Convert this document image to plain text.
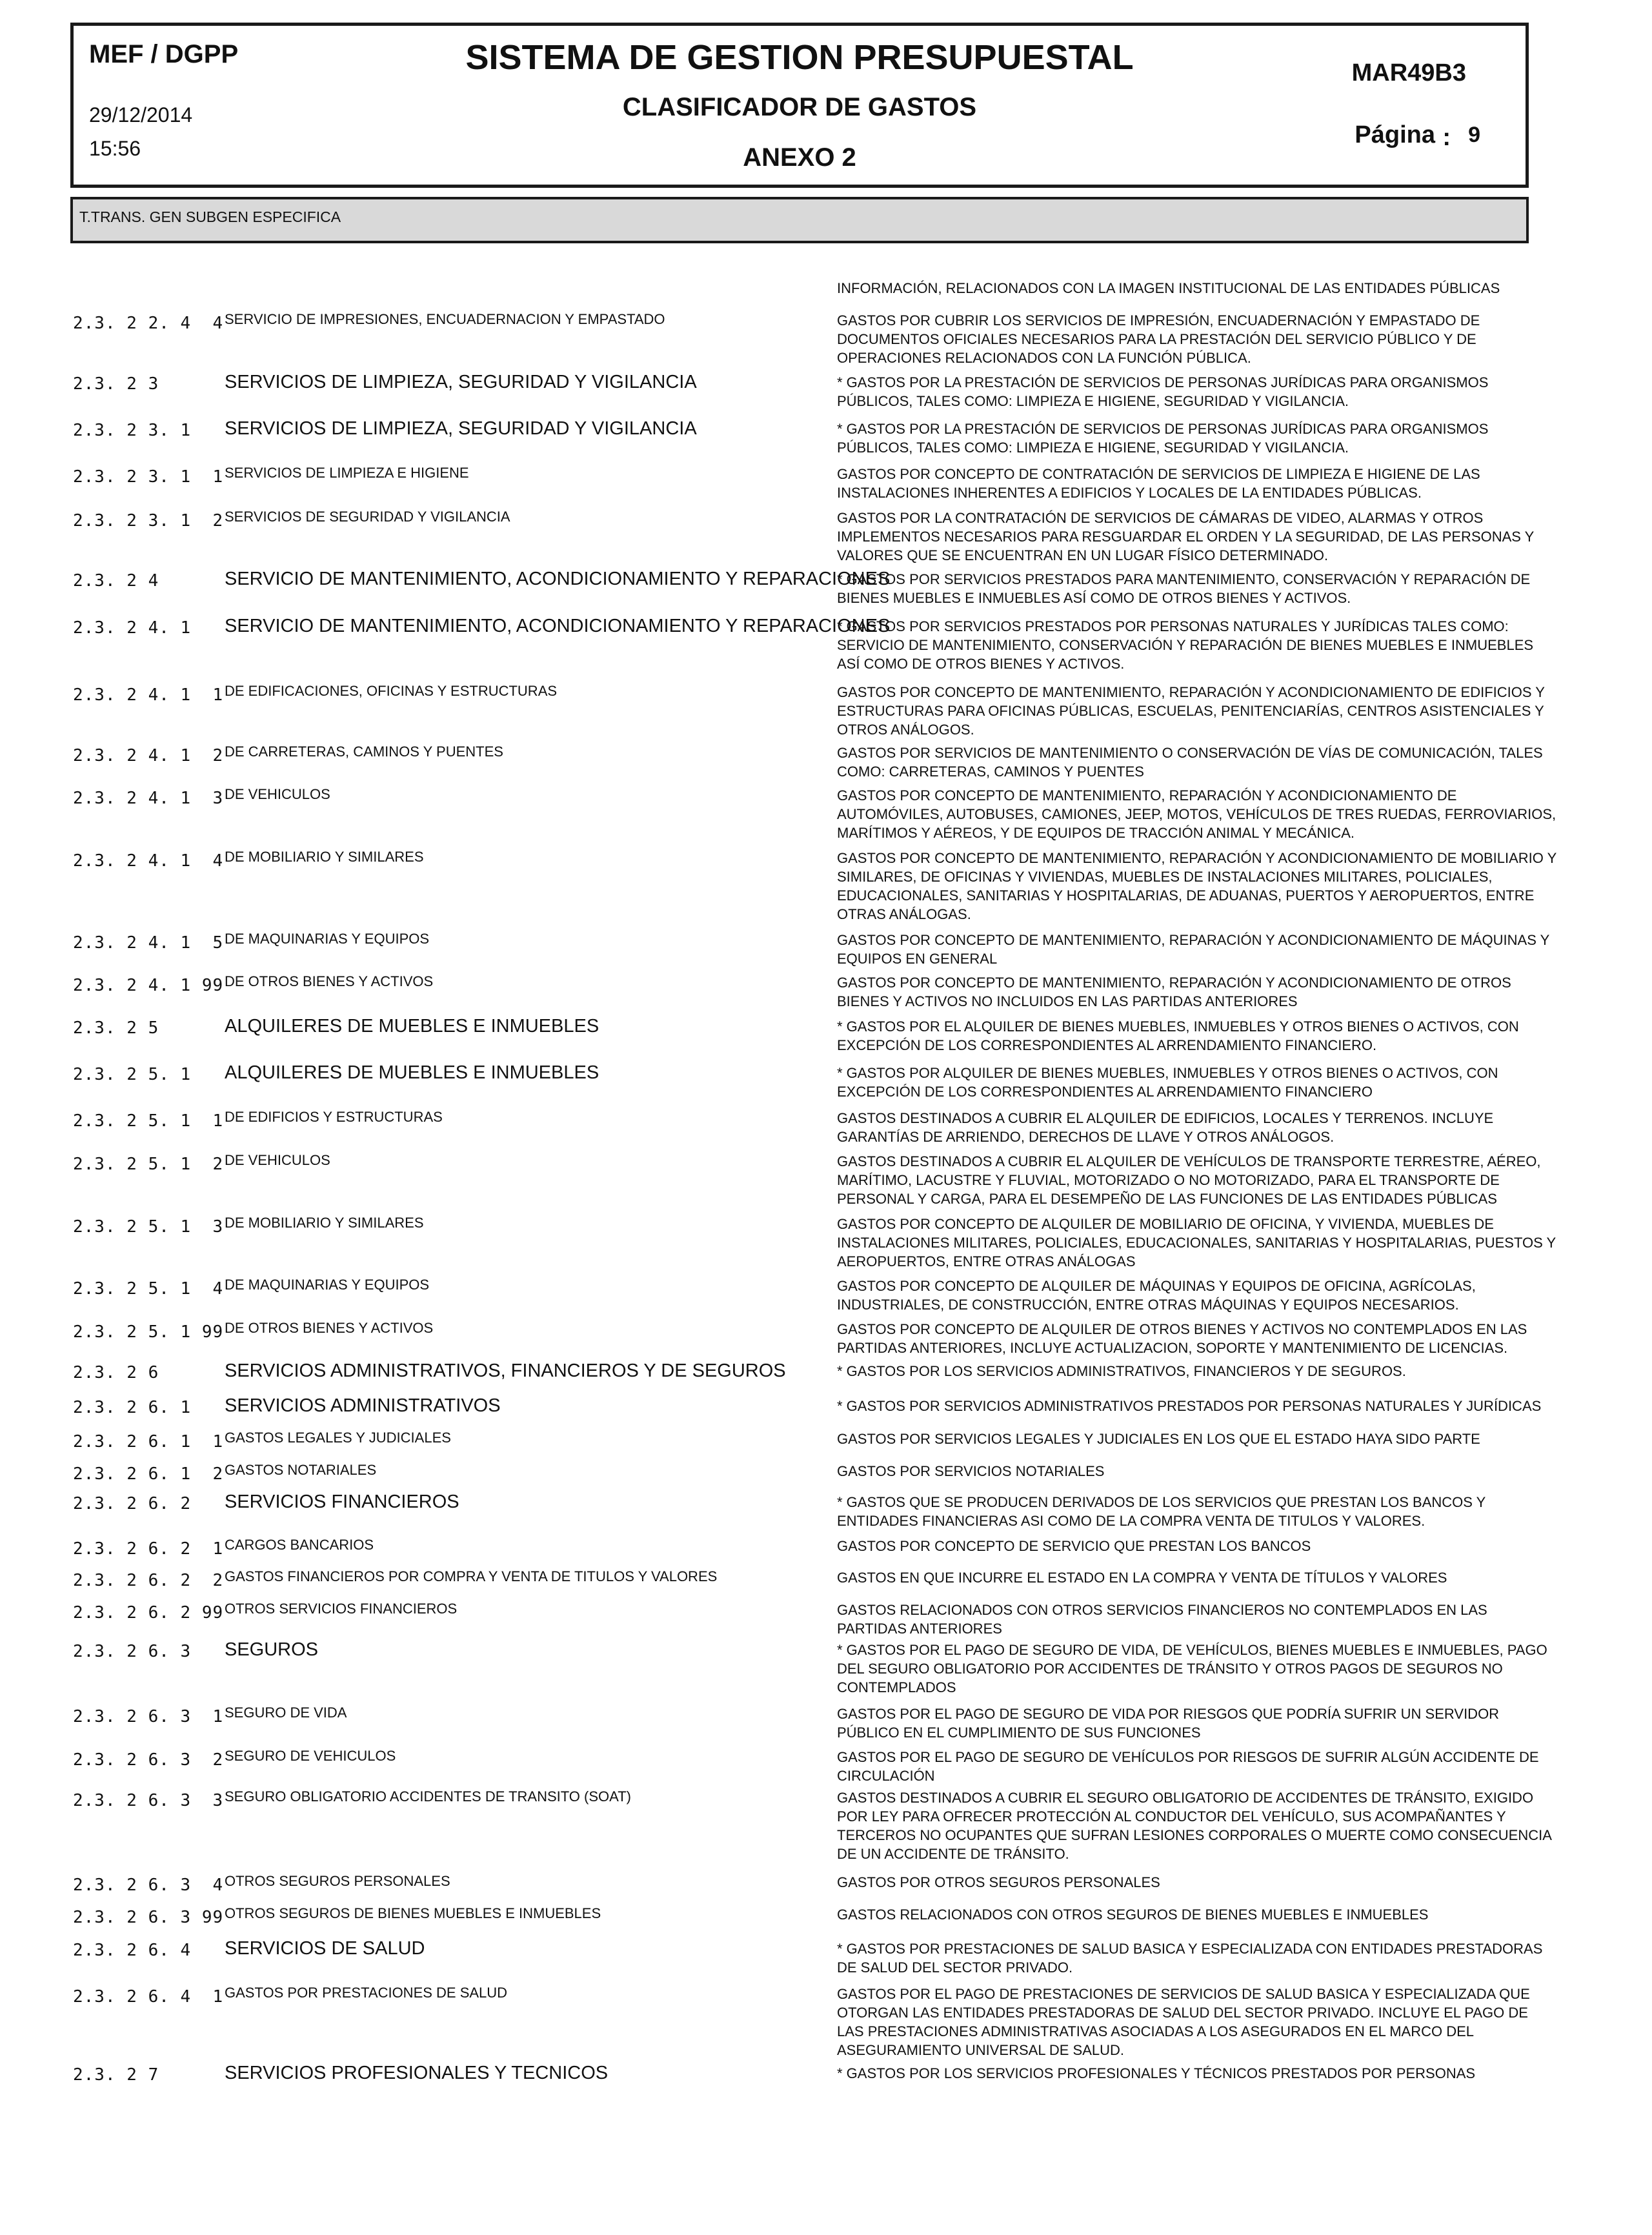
MEF / DGPP
29/12/2014
15:56
SISTEMA DE GESTION PRESUPUESTAL
CLASIFICADOR DE GASTOS
ANEXO 2
MAR49B3
Página : 9
T.TRANS. GEN SUBGEN ESPECIFICA
INFORMACIÓN, RELACIONADOS CON LA IMAGEN INSTITUCIONAL DE LAS ENTIDADES PÚBLICAS
2.3. 2 2. 4  4 SERVICIO DE IMPRESIONES, ENCUADERNACION Y EMPASTADO	GASTOS POR CUBRIR LOS SERVICIOS DE IMPRESIÓN, ENCUADERNACIÓN Y EMPASTADO DE
DOCUMENTOS OFICIALES NECESARIOS PARA LA PRESTACIÓN DEL SERVICIO PÚBLICO Y DE
OPERACIONES RELACIONADOS CON LA FUNCIÓN PÚBLICA.
2.3. 2 3	SERVICIOS DE LIMPIEZA, SEGURIDAD Y VIGILANCIA	* GASTOS POR LA PRESTACIÓN DE SERVICIOS DE PERSONAS JURÍDICAS PARA ORGANISMOS
PÚBLICOS, TALES COMO: LIMPIEZA E HIGIENE, SEGURIDAD Y VIGILANCIA.
2.3. 2 3. 1 SERVICIOS DE LIMPIEZA, SEGURIDAD Y VIGILANCIA	* GASTOS POR LA PRESTACIÓN DE SERVICIOS DE PERSONAS JURÍDICAS PARA ORGANISMOS
PÚBLICOS, TALES COMO: LIMPIEZA E HIGIENE, SEGURIDAD Y VIGILANCIA.
2.3. 2 3. 1  1 SERVICIOS DE LIMPIEZA E HIGIENE	GASTOS POR CONCEPTO DE CONTRATACIÓN DE SERVICIOS DE LIMPIEZA E HIGIENE DE LAS
INSTALACIONES INHERENTES A EDIFICIOS Y LOCALES DE LA ENTIDADES PÚBLICAS.
2.3. 2 3. 1  2 SERVICIOS DE SEGURIDAD Y VIGILANCIA	GASTOS POR LA CONTRATACIÓN DE SERVICIOS DE CÁMARAS DE VIDEO, ALARMAS Y OTROS
IMPLEMENTOS NECESARIOS PARA RESGUARDAR EL ORDEN Y LA SEGURIDAD, DE LAS PERSONAS Y
VALORES QUE SE ENCUENTRAN EN UN LUGAR FÍSICO DETERMINADO.
2.3. 2 4	SERVICIO DE MANTENIMIENTO, ACONDICIONAMIENTO Y REPARACIONES
* GASTOS POR SERVICIOS PRESTADOS PARA MANTENIMIENTO, CONSERVACIÓN Y REPARACIÓN DE
BIENES MUEBLES E INMUEBLES ASÍ COMO DE OTROS BIENES Y ACTIVOS.
2.3. 2 4. 1 SERVICIO DE MANTENIMIENTO, ACONDICIONAMIENTO Y REPARACIONES
* GASTOS POR SERVICIOS PRESTADOS POR PERSONAS NATURALES Y JURÍDICAS TALES COMO:
SERVICIO DE MANTENIMIENTO, CONSERVACIÓN Y REPARACIÓN DE BIENES MUEBLES E INMUEBLES
ASÍ COMO DE OTROS BIENES Y ACTIVOS.
2.3. 2 4. 1  1 DE EDIFICACIONES, OFICINAS Y ESTRUCTURAS	GASTOS POR CONCEPTO DE MANTENIMIENTO, REPARACIÓN Y ACONDICIONAMIENTO DE EDIFICIOS Y
ESTRUCTURAS PARA OFICINAS PÚBLICAS, ESCUELAS, PENITENCIARÍAS, CENTROS ASISTENCIALES Y
OTROS ANÁLOGOS.
2.3. 2 4. 1  2 DE CARRETERAS, CAMINOS Y PUENTES	GASTOS POR SERVICIOS DE MANTENIMIENTO O CONSERVACIÓN DE VÍAS DE COMUNICACIÓN, TALES
COMO: CARRETERAS, CAMINOS Y PUENTES
2.3. 2 4. 1  3 DE VEHICULOS	GASTOS POR CONCEPTO DE MANTENIMIENTO, REPARACIÓN Y ACONDICIONAMIENTO DE
AUTOMÓVILES, AUTOBUSES, CAMIONES, JEEP, MOTOS, VEHÍCULOS DE TRES RUEDAS, FERROVIARIOS,
MARÍTIMOS Y AÉREOS, Y DE EQUIPOS DE TRACCIÓN ANIMAL Y MECÁNICA.
2.3. 2 4. 1  4 DE MOBILIARIO Y SIMILARES	GASTOS POR CONCEPTO DE MANTENIMIENTO, REPARACIÓN Y ACONDICIONAMIENTO DE MOBILIARIO Y
SIMILARES, DE OFICINAS Y VIVIENDAS, MUEBLES DE INSTALACIONES MILITARES, POLICIALES,
EDUCACIONALES, SANITARIAS Y HOSPITALARIAS, DE ADUANAS, PUERTOS Y AEROPUERTOS, ENTRE
OTRAS ANÁLOGAS.
2.3. 2 4. 1  5 DE MAQUINARIAS Y EQUIPOS	GASTOS POR CONCEPTO DE MANTENIMIENTO, REPARACIÓN Y ACONDICIONAMIENTO DE MÁQUINAS Y
EQUIPOS EN GENERAL
2.3. 2 4. 1 99 DE OTROS BIENES Y ACTIVOS	GASTOS POR CONCEPTO DE MANTENIMIENTO, REPARACIÓN Y ACONDICIONAMIENTO DE OTROS
BIENES Y ACTIVOS NO INCLUIDOS EN LAS PARTIDAS ANTERIORES
2.3. 2 5	ALQUILERES DE MUEBLES E INMUEBLES	* GASTOS POR EL ALQUILER DE BIENES MUEBLES, INMUEBLES Y OTROS BIENES O ACTIVOS, CON
EXCEPCIÓN DE LOS CORRESPONDIENTES AL ARRENDAMIENTO FINANCIERO.
2.3. 2 5. 1 ALQUILERES DE MUEBLES E INMUEBLES	* GASTOS POR ALQUILER DE BIENES MUEBLES, INMUEBLES Y OTROS BIENES O ACTIVOS, CON
EXCEPCIÓN DE LOS CORRESPONDIENTES AL ARRENDAMIENTO FINANCIERO
2.3. 2 5. 1  1 DE EDIFICIOS Y ESTRUCTURAS	GASTOS DESTINADOS A CUBRIR EL ALQUILER DE EDIFICIOS, LOCALES Y TERRENOS. INCLUYE
GARANTÍAS DE ARRIENDO, DERECHOS DE LLAVE Y OTROS ANÁLOGOS.
2.3. 2 5. 1  2 DE VEHICULOS	GASTOS DESTINADOS A CUBRIR EL ALQUILER DE VEHÍCULOS DE TRANSPORTE TERRESTRE, AÉREO,
MARÍTIMO, LACUSTRE Y FLUVIAL, MOTORIZADO O NO MOTORIZADO, PARA EL TRANSPORTE DE
PERSONAL Y CARGA, PARA EL DESEMPEÑO DE LAS FUNCIONES DE LAS ENTIDADES PÚBLICAS
2.3. 2 5. 1  3 DE MOBILIARIO Y SIMILARES	GASTOS POR CONCEPTO DE ALQUILER DE MOBILIARIO DE OFICINA, Y VIVIENDA, MUEBLES DE
INSTALACIONES MILITARES, POLICIALES, EDUCACIONALES, SANITARIAS Y HOSPITALARIAS, PUESTOS Y
AEROPUERTOS, ENTRE OTRAS ANÁLOGAS
2.3. 2 5. 1  4 DE MAQUINARIAS Y EQUIPOS	GASTOS POR CONCEPTO DE ALQUILER DE MÁQUINAS Y EQUIPOS DE OFICINA, AGRÍCOLAS,
INDUSTRIALES, DE CONSTRUCCIÓN, ENTRE OTRAS MÁQUINAS Y EQUIPOS NECESARIOS.
2.3. 2 5. 1 99 DE OTROS BIENES Y ACTIVOS	GASTOS POR CONCEPTO DE ALQUILER DE OTROS BIENES Y ACTIVOS NO CONTEMPLADOS EN LAS
PARTIDAS ANTERIORES, INCLUYE ACTUALIZACION, SOPORTE Y MANTENIMIENTO DE LICENCIAS.
2.3. 2 6	SERVICIOS ADMINISTRATIVOS, FINANCIEROS Y DE SEGUROS	* GASTOS POR LOS SERVICIOS ADMINISTRATIVOS, FINANCIEROS Y DE SEGUROS.
2.3. 2 6. 1 SERVICIOS ADMINISTRATIVOS	* GASTOS POR SERVICIOS ADMINISTRATIVOS PRESTADOS POR PERSONAS NATURALES Y JURÍDICAS
2.3. 2 6. 1  1 GASTOS LEGALES Y JUDICIALES	GASTOS POR SERVICIOS LEGALES Y JUDICIALES EN LOS QUE EL ESTADO HAYA SIDO PARTE
2.3. 2 6. 1  2 GASTOS NOTARIALES	GASTOS POR SERVICIOS NOTARIALES
2.3. 2 6. 2 SERVICIOS FINANCIEROS	* GASTOS QUE SE PRODUCEN DERIVADOS DE LOS SERVICIOS QUE PRESTAN LOS BANCOS Y
ENTIDADES FINANCIERAS ASI COMO DE LA COMPRA VENTA DE TITULOS Y VALORES.
2.3. 2 6. 2  1 CARGOS BANCARIOS	GASTOS POR CONCEPTO DE SERVICIO QUE PRESTAN LOS BANCOS
2.3. 2 6. 2  2 GASTOS FINANCIEROS POR COMPRA Y VENTA DE TITULOS Y VALORES	GASTOS EN QUE INCURRE EL ESTADO EN LA COMPRA Y VENTA DE TÍTULOS Y VALORES
2.3. 2 6. 2 99 OTROS SERVICIOS FINANCIEROS	GASTOS RELACIONADOS CON OTROS SERVICIOS FINANCIEROS NO CONTEMPLADOS EN LAS
PARTIDAS ANTERIORES
2.3. 2 6. 3 SEGUROS	* GASTOS POR EL PAGO DE SEGURO DE VIDA, DE VEHÍCULOS, BIENES MUEBLES E INMUEBLES, PAGO
DEL SEGURO OBLIGATORIO POR ACCIDENTES DE TRÁNSITO Y OTROS PAGOS DE SEGUROS NO
CONTEMPLADOS
2.3. 2 6. 3  1 SEGURO DE VIDA	GASTOS POR EL PAGO DE SEGURO DE VIDA POR RIESGOS QUE PODRÍA SUFRIR UN SERVIDOR
PÚBLICO EN EL CUMPLIMIENTO DE SUS FUNCIONES
2.3. 2 6. 3  2 SEGURO DE VEHICULOS	GASTOS POR EL PAGO DE SEGURO DE VEHÍCULOS POR RIESGOS DE SUFRIR ALGÚN ACCIDENTE DE
CIRCULACIÓN
2.3. 2 6. 3  3 SEGURO OBLIGATORIO ACCIDENTES DE TRANSITO (SOAT)	GASTOS DESTINADOS A CUBRIR EL SEGURO OBLIGATORIO DE ACCIDENTES DE TRÁNSITO, EXIGIDO
POR LEY PARA OFRECER PROTECCIÓN AL CONDUCTOR DEL VEHÍCULO, SUS ACOMPAÑANTES Y
TERCEROS NO OCUPANTES QUE SUFRAN LESIONES CORPORALES O MUERTE COMO CONSECUENCIA
DE UN ACCIDENTE DE TRÁNSITO.
2.3. 2 6. 3  4 OTROS SEGUROS PERSONALES	GASTOS POR OTROS SEGUROS PERSONALES
2.3. 2 6. 3 99 OTROS SEGUROS DE BIENES MUEBLES E INMUEBLES	GASTOS RELACIONADOS CON OTROS SEGUROS DE BIENES MUEBLES E INMUEBLES
2.3. 2 6. 4 SERVICIOS DE SALUD	* GASTOS POR PRESTACIONES DE SALUD BASICA Y ESPECIALIZADA CON ENTIDADES PRESTADORAS
DE SALUD DEL SECTOR PRIVADO.
2.3. 2 6. 4  1 GASTOS POR PRESTACIONES DE SALUD	GASTOS POR EL PAGO DE PRESTACIONES DE SERVICIOS DE SALUD BASICA Y ESPECIALIZADA QUE
OTORGAN LAS ENTIDADES PRESTADORAS DE SALUD DEL SECTOR PRIVADO. INCLUYE EL PAGO DE
LAS PRESTACIONES ADMINISTRATIVAS ASOCIADAS A LOS ASEGURADOS EN EL MARCO DEL
ASEGURAMIENTO UNIVERSAL DE SALUD.
2.3. 2 7	SERVICIOS PROFESIONALES Y TECNICOS	* GASTOS POR LOS SERVICIOS PROFESIONALES Y TÉCNICOS PRESTADOS POR PERSONAS
